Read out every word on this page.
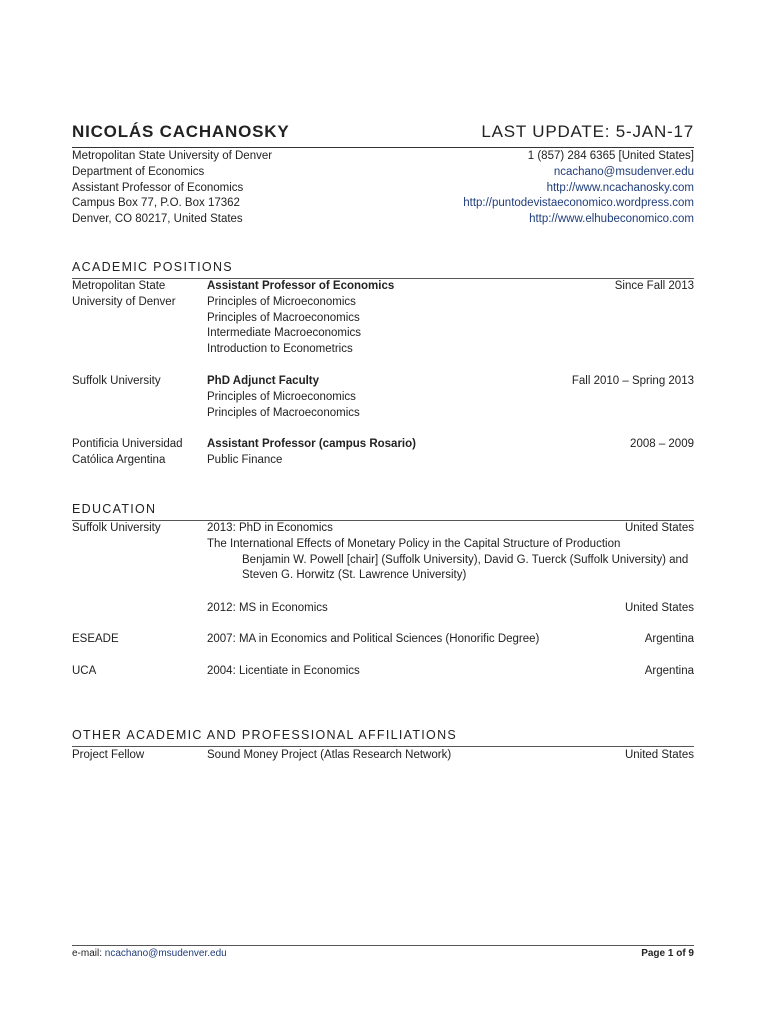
NICOLÁS CACHANOSKY	LAST UPDATE: 5-JAN-17
Metropolitan State University of Denver	1 (857) 284 6365 [United States]
Department of Economics	ncachano@msudenver.edu
Assistant Professor of Economics	http://www.ncachanosky.com
Campus Box 77, P.O. Box 17362	http://puntodevistaeconomico.wordpress.com
Denver, CO 80217, United States	http://www.elhubeconomico.com
ACADEMIC POSITIONS
Metropolitan State	Assistant Professor of Economics	Since Fall 2013
University of Denver	Principles of Microeconomics
Principles of Macroeconomics
Intermediate Macroeconomics
Introduction to Econometrics
Suffolk University	PhD Adjunct Faculty	Fall 2010 – Spring 2013
Principles of Microeconomics
Principles of Macroeconomics
Pontificia Universidad	Assistant Professor (campus Rosario)	2008 – 2009
Católica Argentina	Public Finance
EDUCATION
Suffolk University	2013: PhD in Economics	United States
The International Effects of Monetary Policy in the Capital Structure of Production
Benjamin W. Powell [chair] (Suffolk University), David G. Tuerck (Suffolk University) and
Steven G. Horwitz (St. Lawrence University)
2012: MS in Economics	United States
ESEADE	2007: MA in Economics and Political Sciences (Honorific Degree)	Argentina
UCA	2004: Licentiate in Economics	Argentina
OTHER ACADEMIC AND PROFESSIONAL AFFILIATIONS
Project Fellow	Sound Money Project (Atlas Research Network)	United States
e-mail: ncachano@msudenver.edu	Page 1 of 9
